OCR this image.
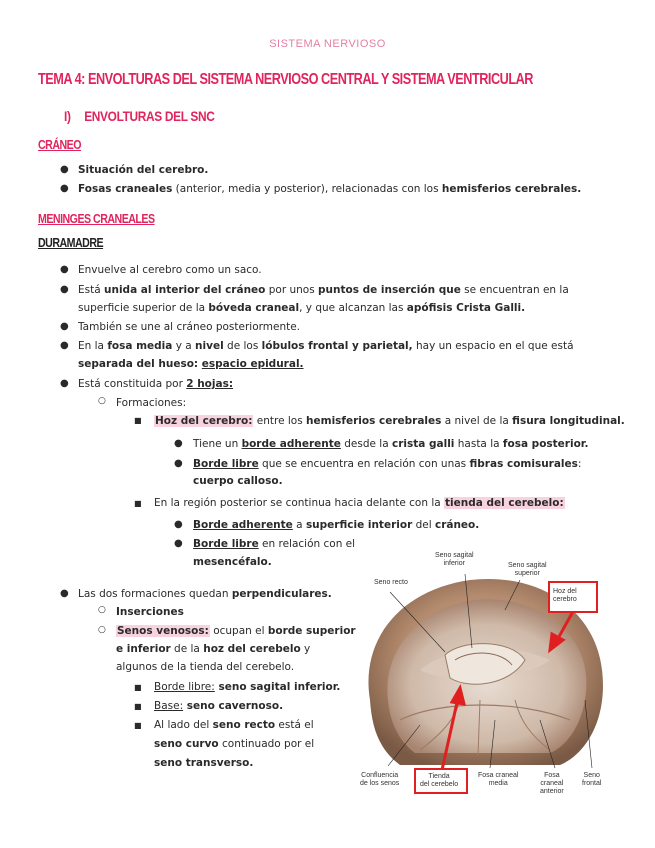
SISTEMA NERVIOSO
TEMA 4: ENVOLTURAS DEL SISTEMA NERVIOSO CENTRAL Y SISTEMA VENTRICULAR
I) ENVOLTURAS DEL SNC
CRÁNEO
● Situación del cerebro.
● Fosas craneales (anterior, media y posterior), relacionadas con los hemisferios cerebrales.
MENINGES CRANEALES
DURAMADRE
● Envuelve al cerebro como un saco.
● Está unida al interior del cráneo por unos puntos de inserción que se encuentran en la
superficie superior de la bóveda craneal, y que alcanzan las apófisis Crista Galli.
● También se une al cráneo posteriormente.
● En la fosa media y a nivel de los lóbulos frontal y parietal, hay un espacio en el que está
separada del hueso: espacio epidural.
● Está constituida por 2 hojas:
○ Formaciones:
■ Hoz del cerebro: entre los hemisferios cerebrales a nivel de la fisura longitudinal.
● Tiene un borde adherente desde la crista galli hasta la fosa posterior.
● Borde libre que se encuentra en relación con unas fibras comisurales:
cuerpo calloso.
■ En la región posterior se continua hacia delante con la tienda del cerebelo:
● Borde adherente a superficie interior del cráneo.
● Borde libre en relación con el
mesencéfalo.
● Las dos formaciones quedan perpendiculares.
○ Inserciones
○ Senos venosos: ocupan el borde superior
e inferior de la hoz del cerebelo y
algunos de la tienda del cerebelo.
■ Borde libre: seno sagital inferior.
■ Base: seno cavernoso.
■ Al lado del seno recto está el
seno curvo continuado por el
seno transverso.
Seno sagital
inferior	Seno sagital
superior
Seno recto
Hoz del
cerebro
Confluencia
de los senos
Tienda
del cerebelo
Fosa craneal
media
Fosa
craneal
anterior
Seno
frontal
